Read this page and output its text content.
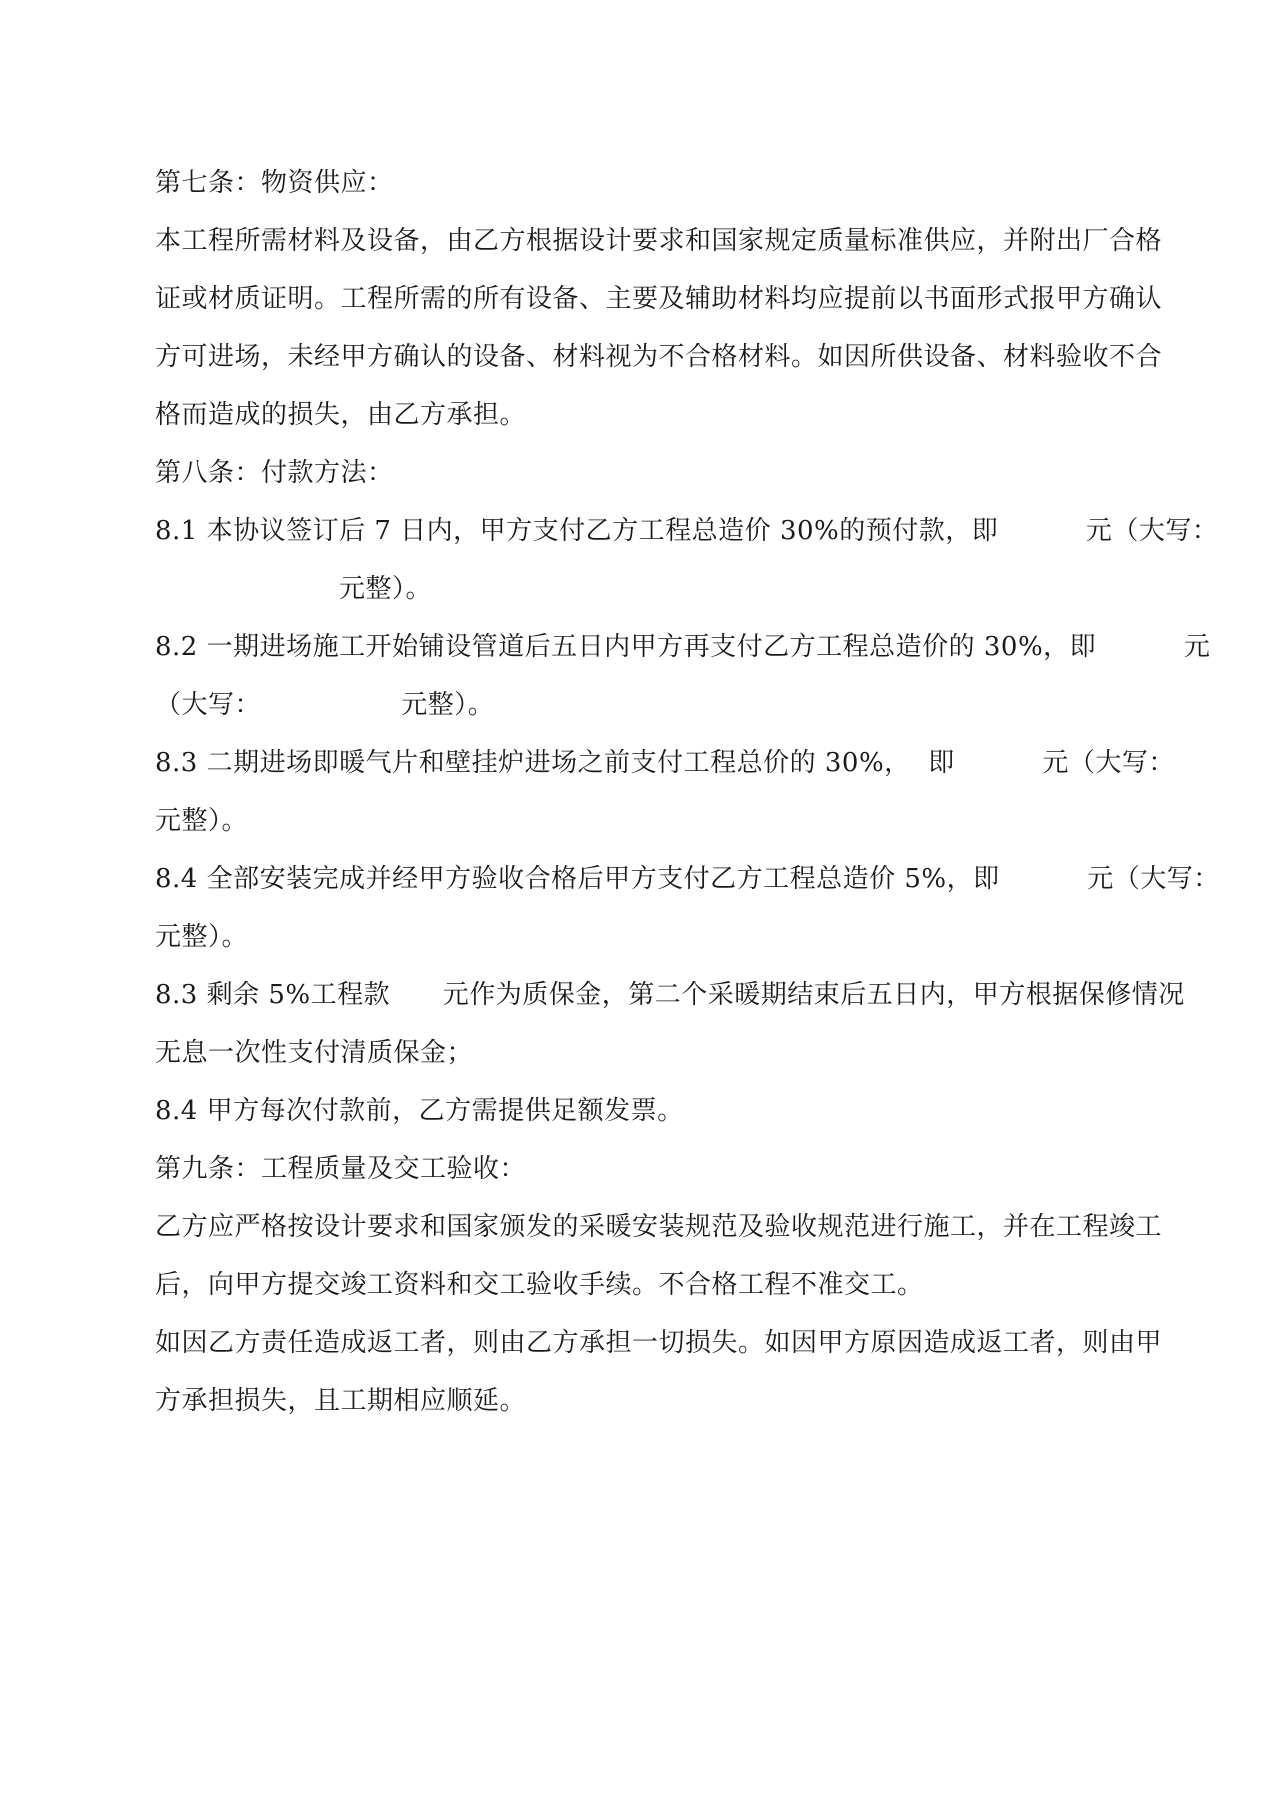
第七条：物资供应：
本工程所需材料及设备，由乙方根据设计要求和国家规定质量标准供应，并附出厂合格
证或材质证明。工程所需的所有设备、主要及辅助材料均应提前以书面形式报甲方确认
方可进场，未经甲方确认的设备、材料视为不合格材料。如因所供设备、材料验收不合
格而造成的损失，由乙方承担。
第八条：付款方法：
8.1 本协议签订后 7 日内，甲方支付乙方工程总造价 30%的预付款，即          元（大写：
元整）。
8.2 一期进场施工开始铺设管道后五日内甲方再支付乙方工程总造价的 30%，即          元
（大写：                元整）。
8.3 二期进场即暖气片和壁挂炉进场之前支付工程总价的 30%，  即          元（大写：
元整）。
8.4 全部安装完成并经甲方验收合格后甲方支付乙方工程总造价 5%，即          元（大写：
元整）。
8.3 剩余 5%工程款      元作为质保金，第二个采暖期结束后五日内，甲方根据保修情况
无息一次性支付清质保金；
8.4 甲方每次付款前，乙方需提供足额发票。
第九条：工程质量及交工验收：
乙方应严格按设计要求和国家颁发的采暖安装规范及验收规范进行施工，并在工程竣工
后，向甲方提交竣工资料和交工验收手续。不合格工程不准交工。
如因乙方责任造成返工者，则由乙方承担一切损失。如因甲方原因造成返工者，则由甲
方承担损失，且工期相应顺延。
